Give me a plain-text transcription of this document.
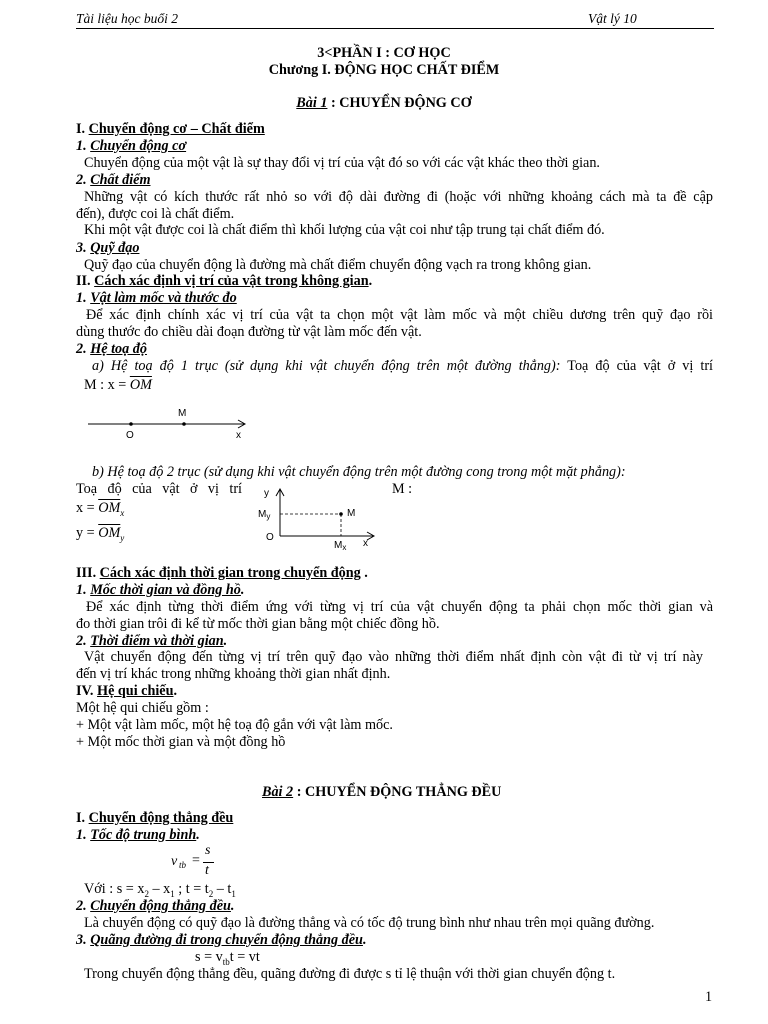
Tài liệu học buổi 2	Vật lý 10
3<PHẦN I : CƠ HỌC
Chương I. ĐỘNG HỌC CHẤT ĐIỂM
Bài 1 : CHUYỂN ĐỘNG CƠ
I. Chuyển động cơ – Chất điểm
1. Chuyển động cơ
Chuyển động của một vật là sự thay đổi vị trí của vật đó so với các vật khác theo thời gian.
2. Chất điểm
Những vật có kích thước rất nhỏ so với độ dài đường đi (hoặc với những khoảng cách mà ta đề cập
đến), được coi là chất điểm.
Khi một vật được coi là chất điểm thì khối lượng của vật coi như tập trung tại chất điểm đó.
3. Quỹ đạo
Quỹ đạo của chuyển động là đường mà chất điểm chuyển động vạch ra trong không gian.
II. Cách xác định vị trí của vật trong không gian.
1. Vật làm mốc và thước đo
Để xác định chính xác vị trí của vật ta chọn một vật làm mốc và một chiều dương trên quỹ đạo rồi
dùng thước đo chiều dài đoạn đường từ vật làm mốc đến vật.
2. Hệ toạ độ
a) Hệ toạ độ 1 trục (sử dụng khi vật chuyển động trên một đường thẳng): Toạ độ của vật ở vị trí
M : $x = \overline{OM}$
M
O	x
b) Hệ toạ độ 2 trục (sử dụng khi vật chuyển động trên một đường cong trong một mặt phẳng):
Toạ độ của vật ở vị trí	M :
$x = \overline{OM}_x$
$y = \overline{OM}_y$
y
$M_y$	M
O
$M_x$ x
III. Cách xác định thời gian trong chuyển động .
1. Mốc thời gian và đồng hồ.
Để xác định từng thời điểm ứng với từng vị trí của vật chuyển động ta phải chọn mốc thời gian và
đo thời gian trôi đi kể từ mốc thời gian bằng một chiếc đồng hồ.
2. Thời điểm và thời gian.
Vật chuyển động đến từng vị trí trên quỹ đạo vào những thời điểm nhất định còn vật đi từ vị trí này
đến vị trí khác trong những khoảng thời gian nhất định.
IV. Hệ qui chiếu.
Một hệ qui chiếu gồm :
+ Một vật làm mốc, một hệ toạ độ gắn với vật làm mốc.
+ Một mốc thời gian và một đồng hồ
Bài 2 : CHUYỂN ĐỘNG THẲNG ĐỀU
I. Chuyển động thẳng đều
1. Tốc độ trung bình.
v tb =
s
t
Với : $s = x_2 - x_1$ ; $t = t_2 - t_1$
2. Chuyển động thẳng đều.
Là chuyển động có quỹ đạo là đường thẳng và có tốc độ trung bình như nhau trên mọi quãng đường.
3. Quãng đường đi trong chuyển động thẳng đều.
$s = v_{tb}t$ = vt
Trong chuyển động thẳng đều, quãng đường đi được s tỉ lệ thuận với thời gian chuyển động t.
1
